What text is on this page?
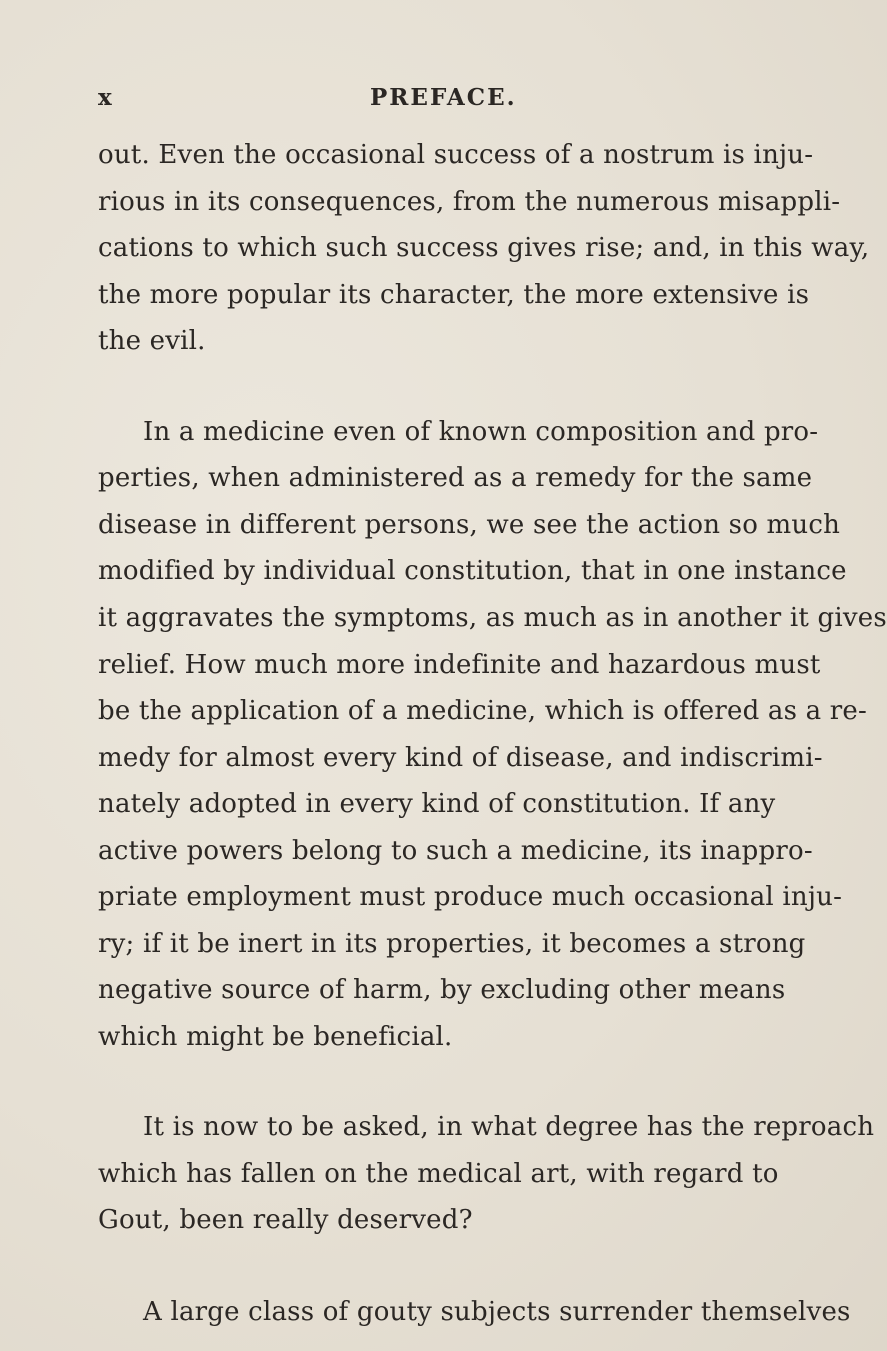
x	PREFACE.
out. Even the occasional success of a nostrum is inju-
rious in its consequences, from the numerous misappli-
cations to which such success gives rise; and, in this way,
the more popular its character, the more extensive is
the evil.
In a medicine even of known composition and pro-
perties, when administered as a remedy for the same
disease in different persons, we see the action so much
modified by individual constitution, that in one instance
it aggravates the symptoms, as much as in another it gives
relief. How much more indefinite and hazardous must
be the application of a medicine, which is offered as a re-
medy for almost every kind of disease, and indiscrimi-
nately adopted in every kind of constitution. If any
active powers belong to such a medicine, its inappro-
priate employment must produce much occasional inju-
ry; if it be inert in its properties, it becomes a strong
negative source of harm, by excluding other means
which might be beneficial.
It is now to be asked, in what degree has the reproach
which has fallen on the medical art, with regard to
Gout, been really deserved?
A large class of gouty subjects surrender themselves
